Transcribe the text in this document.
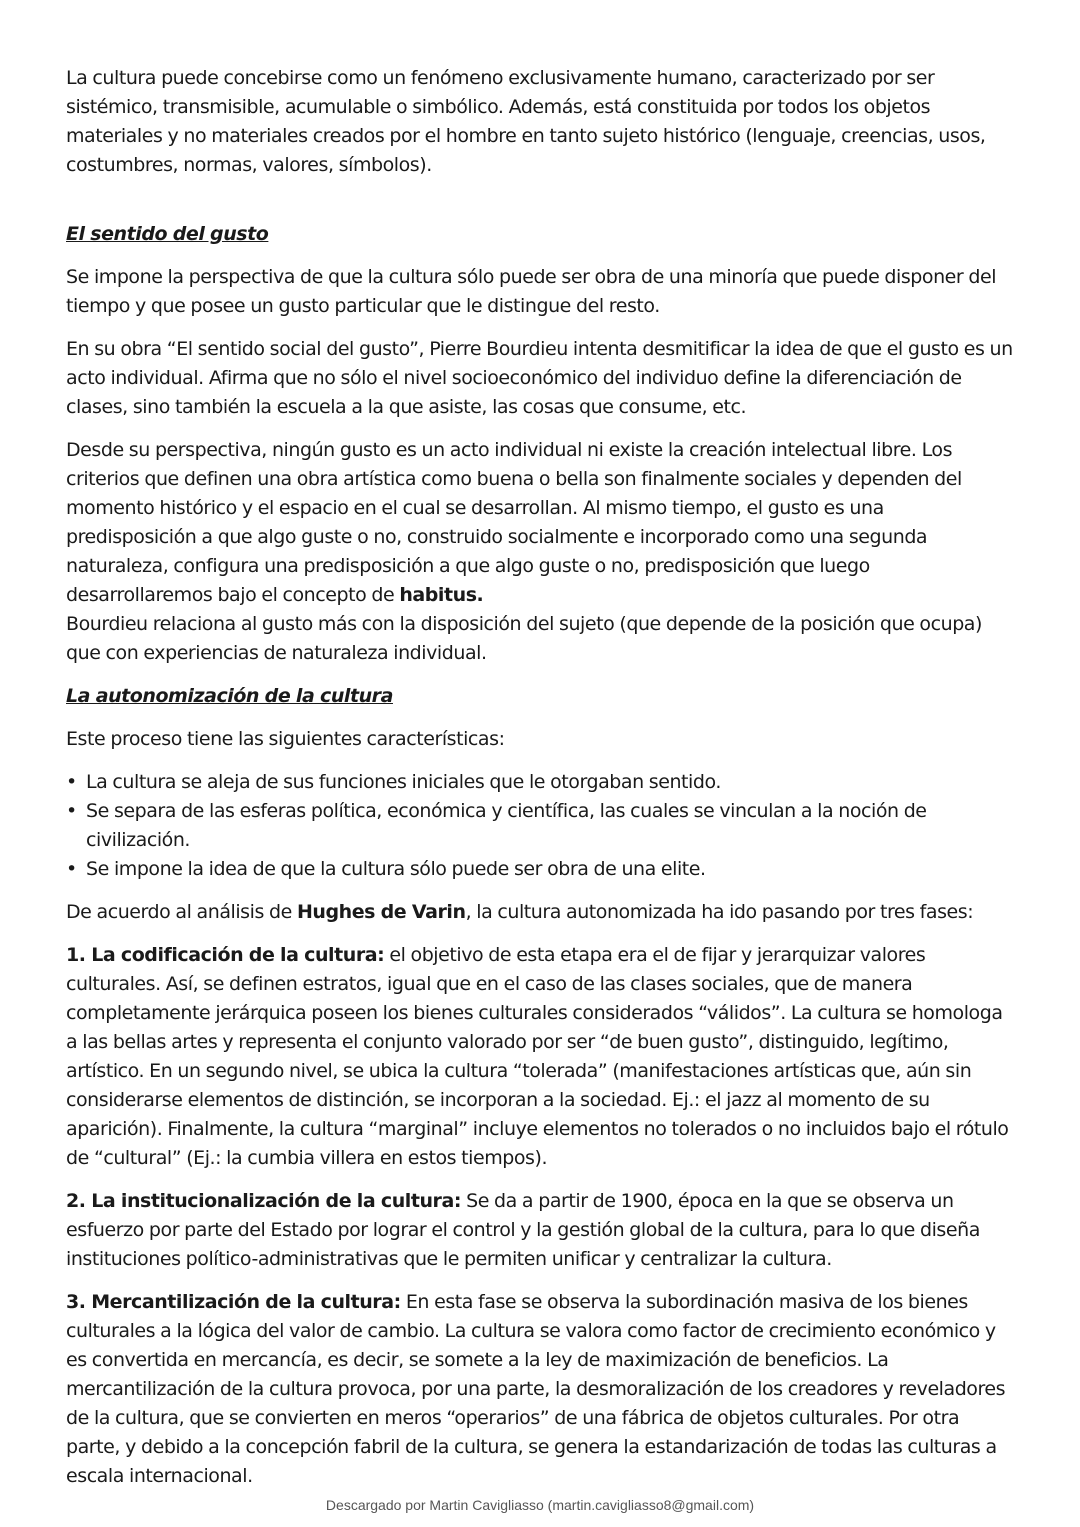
La cultura puede concebirse como un fenómeno exclusivamente humano, caracterizado por ser sistémico, transmisible, acumulable o simbólico. Además, está constituida por todos los objetos materiales y no materiales creados por el hombre en tanto sujeto histórico (lenguaje, creencias, usos, costumbres, normas, valores, símbolos).

El sentido del gusto

Se impone la perspectiva de que la cultura sólo puede ser obra de una minoría que puede disponer del tiempo y que posee un gusto particular que le distingue del resto.

En su obra “El sentido social del gusto”, Pierre Bourdieu intenta desmitificar la idea de que el gusto es un acto individual. Afirma que no sólo el nivel socioeconómico del individuo define la diferenciación de clases, sino también la escuela a la que asiste, las cosas que consume, etc.

Desde su perspectiva, ningún gusto es un acto individual ni existe la creación intelectual libre. Los criterios que definen una obra artística como buena o bella son finalmente sociales y dependen del momento histórico y el espacio en el cual se desarrollan. Al mismo tiempo, el gusto es una predisposición a que algo guste o no, construido socialmente e incorporado como una segunda naturaleza, configura una predisposición a que algo guste o no, predisposición que luego desarrollaremos bajo el concepto de habitus.

Bourdieu relaciona al gusto más con la disposición del sujeto (que depende de la posición que ocupa) que con experiencias de naturaleza individual.

La autonomización de la cultura

Este proceso tiene las siguientes características:

• La cultura se aleja de sus funciones iniciales que le otorgaban sentido.
• Se separa de las esferas política, económica y científica, las cuales se vinculan a la noción de civilización.
• Se impone la idea de que la cultura sólo puede ser obra de una elite.

De acuerdo al análisis de Hughes de Varin, la cultura autonomizada ha ido pasando por tres fases:

1. La codificación de la cultura: el objetivo de esta etapa era el de fijar y jerarquizar valores culturales. Así, se definen estratos, igual que en el caso de las clases sociales, que de manera completamente jerárquica poseen los bienes culturales considerados “válidos”. La cultura se homologa a las bellas artes y representa el conjunto valorado por ser “de buen gusto”, distinguido, legítimo, artístico. En un segundo nivel, se ubica la cultura “tolerada” (manifestaciones artísticas que, aún sin considerarse elementos de distinción, se incorporan a la sociedad. Ej.: el jazz al momento de su aparición). Finalmente, la cultura “marginal” incluye elementos no tolerados o no incluidos bajo el rótulo de “cultural” (Ej.: la cumbia villera en estos tiempos).

2. La institucionalización de la cultura: Se da a partir de 1900, época en la que se observa un esfuerzo por parte del Estado por lograr el control y la gestión global de la cultura, para lo que diseña instituciones político-administrativas que le permiten unificar y centralizar la cultura.

3. Mercantilización de la cultura: En esta fase se observa la subordinación masiva de los bienes culturales a la lógica del valor de cambio. La cultura se valora como factor de crecimiento económico y es convertida en mercancía, es decir, se somete a la ley de maximización de beneficios. La mercantilización de la cultura provoca, por una parte, la desmoralización de los creadores y reveladores de la cultura, que se convierten en meros “operarios” de una fábrica de objetos culturales. Por otra parte, y debido a la concepción fabril de la cultura, se genera la estandarización de todas las culturas a escala internacional.

Descargado por Martin Cavigliasso (martin.cavigliasso8@gmail.com)
